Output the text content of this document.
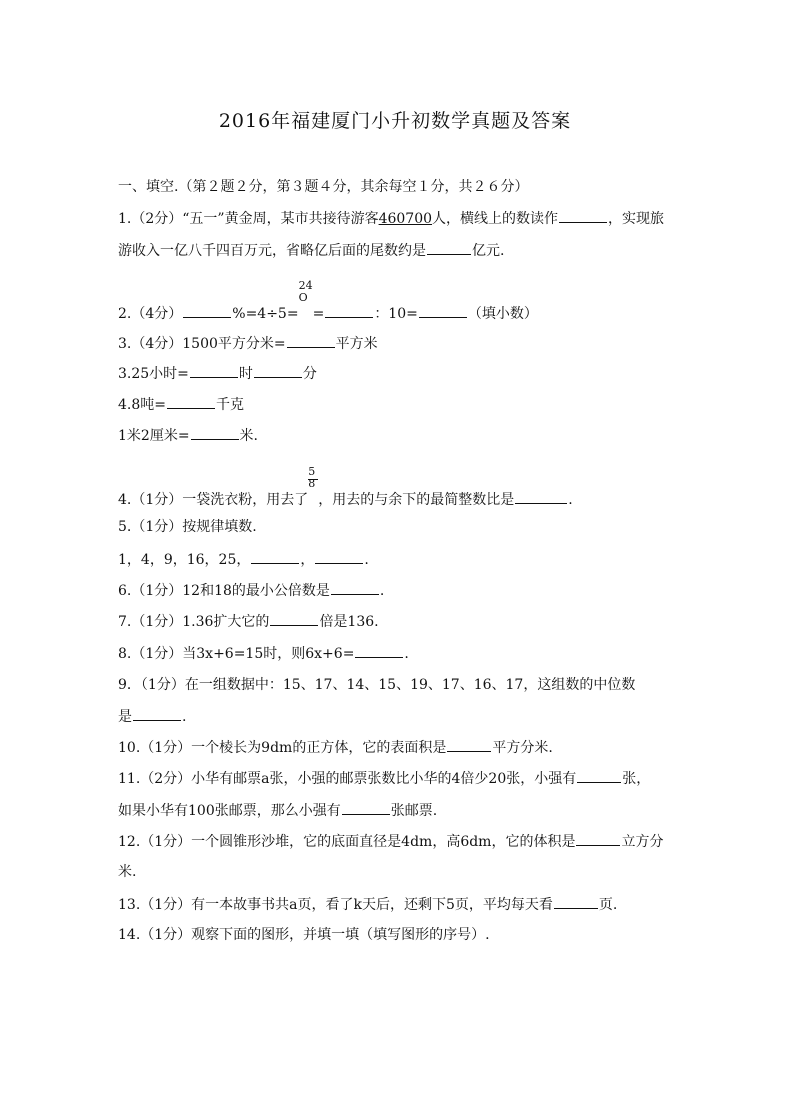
2016年福建厦门小升初数学真题及答案
一、填空.（第２题２分，第３题４分，其余每空１分，共２６分）
1.（2分）“五一”黄金周，某市共接待游客460700人，横线上的数读作	，实现旅
游收入一亿八千四百万元，省略亿后面的尾数约是	亿元.
2.（4分）	%=4÷5=
24
O
=	：10=	（填小数）
3.（4分）1500平方分米=	平方米
3.25小时=	时	分
4.8吨=	千克
1米2厘米=	米.
4.（1分）一袋洗衣粉，用去了 $\frac{5}{8}$ ，用去的与余下的最简整数比是	.
5.（1分）按规律填数.
1，4，9，16，25，	，	.
6.（1分）12和18的最小公倍数是	.
7.（1分）1.36扩大它的	倍是136.
8.（1分）当3x+6=15时，则6x+6=	.
9．（1分）在一组数据中：15、17、14、15、19、17、16、17，这组数的中位数
是	.
10.（1分）一个棱长为9dm的正方体，它的表面积是	平方分米.
11.（2分）小华有邮票a张，小强的邮票张数比小华的4倍少20张，小强有	张，
如果小华有100张邮票，那么小强有	张邮票.
12.（1分）一个圆锥形沙堆，它的底面直径是4dm，高6dm，它的体积是	立方分
米.
13.（1分）有一本故事书共a页，看了k天后，还剩下5页，平均每天看	页.
14.（1分）观察下面的图形，并填一填（填写图形的序号）.
